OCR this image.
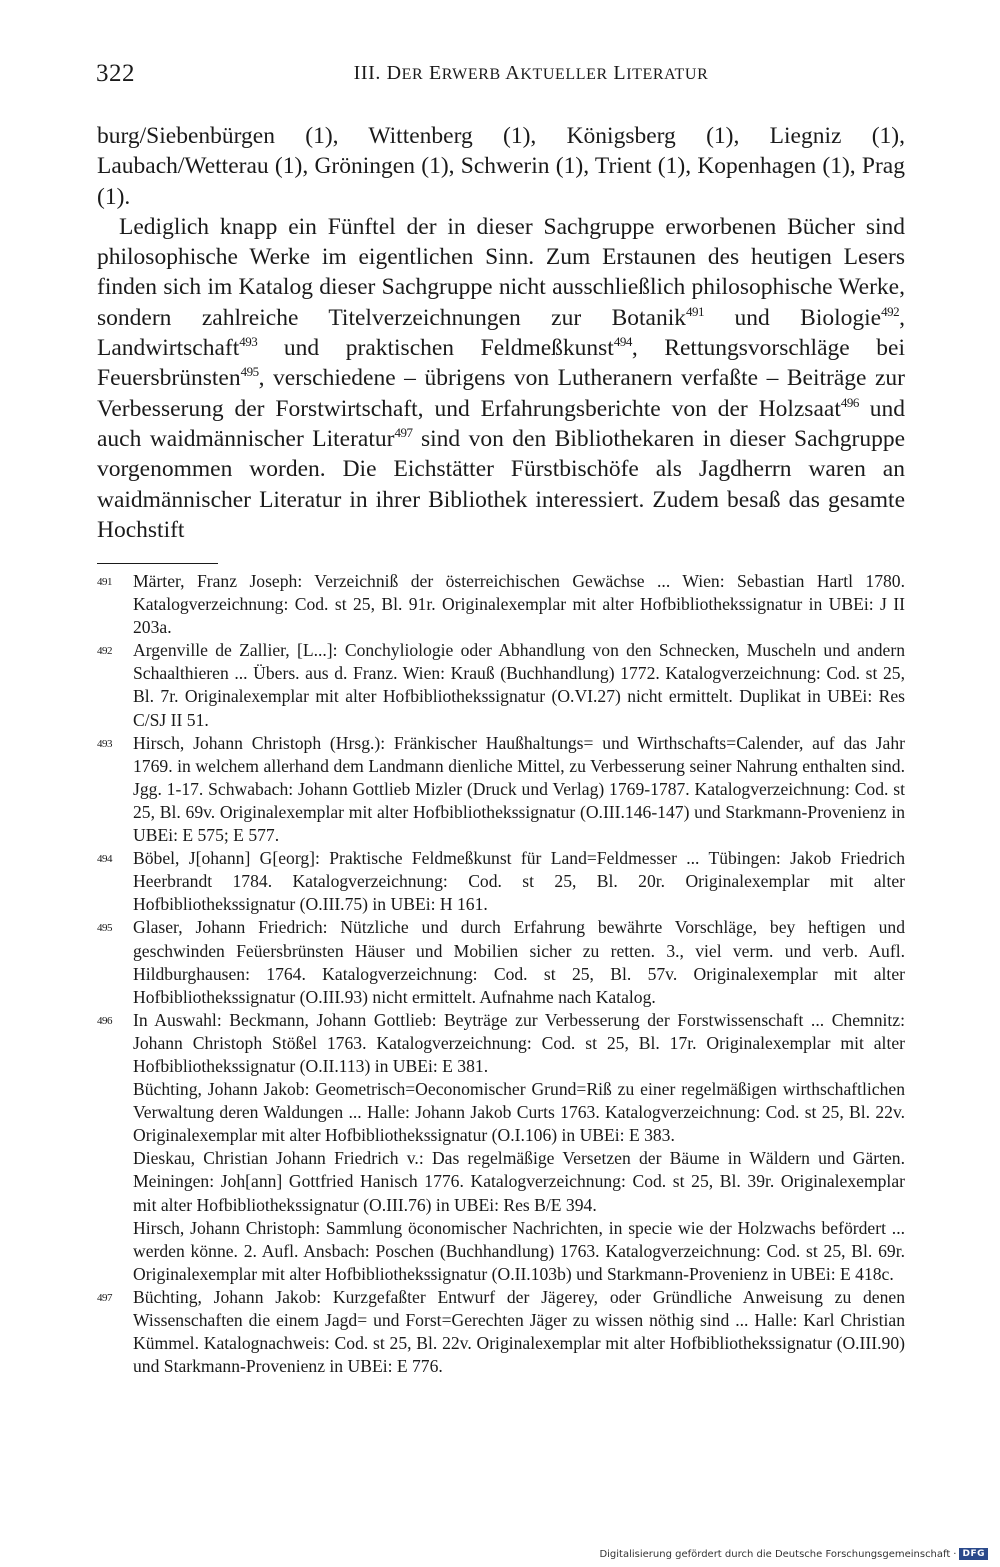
322	III. DER ERWERB AKTUELLER LITERATUR

burg/Siebenbürgen (1), Wittenberg (1), Königsberg (1), Liegniz (1), Laubach/Wetterau (1), Gröningen (1), Schwerin (1), Trient (1), Kopenhagen (1), Prag (1).

Lediglich knapp ein Fünftel der in dieser Sachgruppe erworbenen Bücher sind philosophische Werke im eigentlichen Sinn. Zum Erstaunen des heutigen Lesers finden sich im Katalog dieser Sachgruppe nicht ausschließlich philosophische Werke, sondern zahlreiche Titelverzeichnungen zur Botanik$^{491}$ und Biologie$^{492}$, Landwirtschaft$^{493}$ und praktischen Feldmeßkunst$^{494}$, Rettungsvorschläge bei Feuersbrünsten$^{495}$, verschiedene – übrigens von Lutheranern verfaßte – Beiträge zur Verbesserung der Forstwirtschaft, und Erfahrungsberichte von der Holzsaat$^{496}$ und auch waidmännischer Literatur$^{497}$ sind von den Bibliothekaren in dieser Sachgruppe vorgenommen worden. Die Eichstätter Fürstbischöfe als Jagdherrn waren an waidmännischer Literatur in ihrer Bibliothek interessiert. Zudem besaß das gesamte Hochstift

491 Märter, Franz Joseph: Verzeichniß der österreichischen Gewächse ... Wien: Sebastian Hartl 1780. Katalogverzeichnung: Cod. st 25, Bl. 91r. Originalexemplar mit alter Hofbibliothekssignatur in UBEi: J II 203a.
492 Argenville de Zallier, [L...]: Conchyliologie oder Abhandlung von den Schnecken, Muscheln und andern Schaalthieren ... Übers. aus d. Franz. Wien: Krauß (Buchhandlung) 1772. Katalogverzeichnung: Cod. st 25, Bl. 7r. Originalexemplar mit alter Hofbibliothekssignatur (O.VI.27) nicht ermittelt. Duplikat in UBEi: Res C/SJ II 51.
493 Hirsch, Johann Christoph (Hrsg.): Fränkischer Haußhaltungs= und Wirthschafts=Calender, auf das Jahr 1769. in welchem allerhand dem Landmann dienliche Mittel, zu Verbesserung seiner Nahrung enthalten sind. Jgg. 1-17. Schwabach: Johann Gottlieb Mizler (Druck und Verlag) 1769-1787. Katalogverzeichnung: Cod. st 25, Bl. 69v. Originalexemplar mit alter Hofbibliothekssignatur (O.III.146-147) und Starkmann-Provenienz in UBEi: E 575; E 577.
494 Böbel, J[ohann] G[eorg]: Praktische Feldmeßkunst für Land=Feldmesser ... Tübingen: Jakob Friedrich Heerbrandt 1784. Katalogverzeichnung: Cod. st 25, Bl. 20r. Originalexemplar mit alter Hofbibliothekssignatur (O.III.75) in UBEi: H 161.
495 Glaser, Johann Friedrich: Nützliche und durch Erfahrung bewährte Vorschläge, bey heftigen und geschwinden Feüersbrünsten Häuser und Mobilien sicher zu retten. 3., viel verm. und verb. Aufl. Hildburghausen: 1764. Katalogverzeichnung: Cod. st 25, Bl. 57v. Originalexemplar mit alter Hofbibliothekssignatur (O.III.93) nicht ermittelt. Aufnahme nach Katalog.
496 In Auswahl: Beckmann, Johann Gottlieb: Beyträge zur Verbesserung der Forstwissenschaft ... Chemnitz: Johann Christoph Stößel 1763. Katalogverzeichnung: Cod. st 25, Bl. 17r. Originalexemplar mit alter Hofbibliothekssignatur (O.II.113) in UBEi: E 381.
Büchting, Johann Jakob: Geometrisch=Oeconomischer Grund=Riß zu einer regelmäßigen wirthschaftlichen Verwaltung deren Waldungen ... Halle: Johann Jakob Curts 1763. Katalogverzeichnung: Cod. st 25, Bl. 22v. Originalexemplar mit alter Hofbibliothekssignatur (O.I.106) in UBEi: E 383.
Dieskau, Christian Johann Friedrich v.: Das regelmäßige Versetzen der Bäume in Wäldern und Gärten. Meiningen: Joh[ann] Gottfried Hanisch 1776. Katalogverzeichnung: Cod. st 25, Bl. 39r. Originalexemplar mit alter Hofbibliothekssignatur (O.III.76) in UBEi: Res B/E 394.
Hirsch, Johann Christoph: Sammlung öconomischer Nachrichten, in specie wie der Holzwachs befördert ... werden könne. 2. Aufl. Ansbach: Poschen (Buchhandlung) 1763. Katalogverzeichnung: Cod. st 25, Bl. 69r. Originalexemplar mit alter Hofbibliothekssignatur (O.II.103b) und Starkmann-Provenienz in UBEi: E 418c.
497 Büchting, Johann Jakob: Kurzgefaßter Entwurf der Jägerey, oder Gründliche Anweisung zu denen Wissenschaften die einem Jagd= und Forst=Gerechten Jäger zu wissen nöthig sind ... Halle: Karl Christian Kümmel. Katalognachweis: Cod. st 25, Bl. 22v. Originalexemplar mit alter Hofbibliothekssignatur (O.III.90) und Starkmann-Provenienz in UBEi: E 776.
Digitalisierung gefördert durch die Deutsche Forschungsgemeinschaft · DFG
